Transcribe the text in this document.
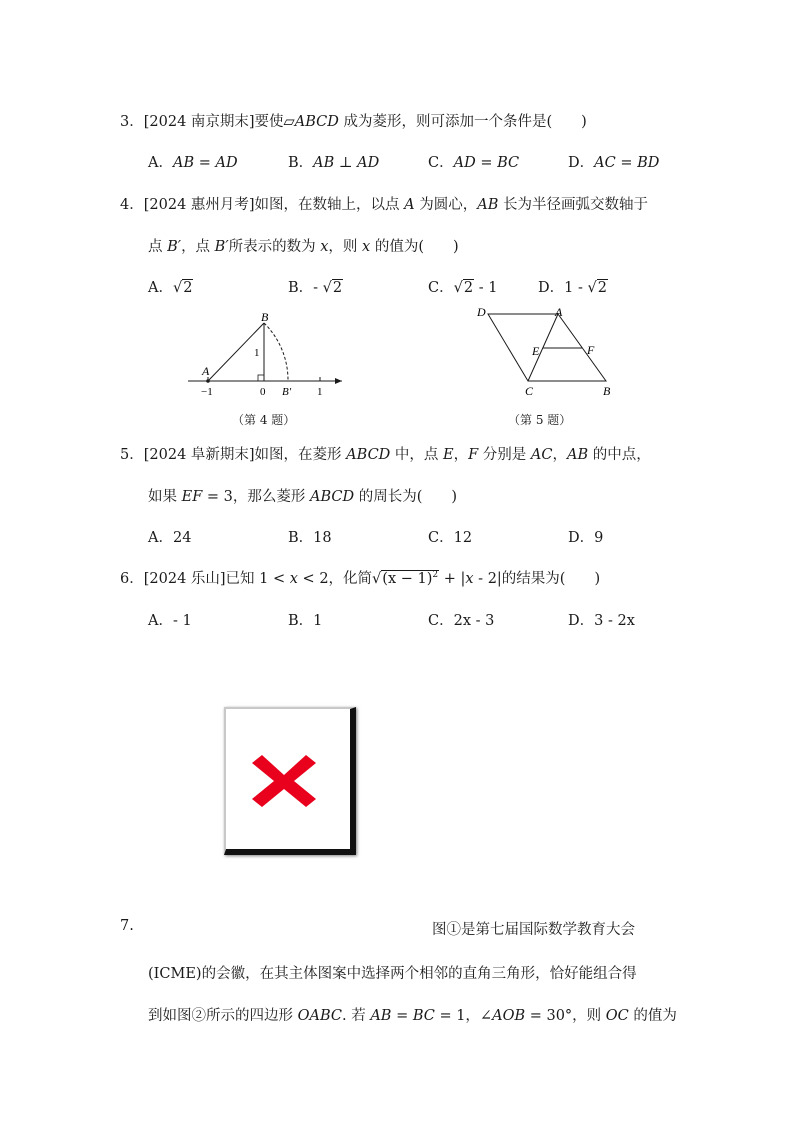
3．[2024 南京期末]要使▱ABCD 成为菱形，则可添加一个条件是(　　)
A．AB = AD	B．AB ⊥ AD	C．AD = BC	D．AC = BD
4．[2024 惠州月考]如图，在数轴上，以点 A 为圆心，AB 长为半径画弧交数轴于
点 B′，点 B′所表示的数为 x，则 x 的值为(　　)
A．√2	B．- √2	C．√2 - 1	D．1 - √2
B
A
1
−1	0 B′ 1
（第 4 题）
D	A
E	F
C	B
（第 5 题）
5．[2024 阜新期末]如图，在菱形 ABCD 中，点 E，F 分别是 AC，AB 的中点，
如果 EF = 3，那么菱形 ABCD 的周长为(　　)
A．24	B．18	C．12	D．9
6．[2024 乐山]已知 1 < x < 2，化简$√(x - 1)^2 + |x - 2|$的结果为(　　)
A．- 1	B．1	C．2x - 3	D．3 - 2x
7.	图①是第七届国际数学教育大会
(ICME)的会徽，在其主体图案中选择两个相邻的直角三角形，恰好能组合得
到如图②所示的四边形 OABC. 若 AB = BC = 1，∠AOB = 30°，则 OC 的值为
